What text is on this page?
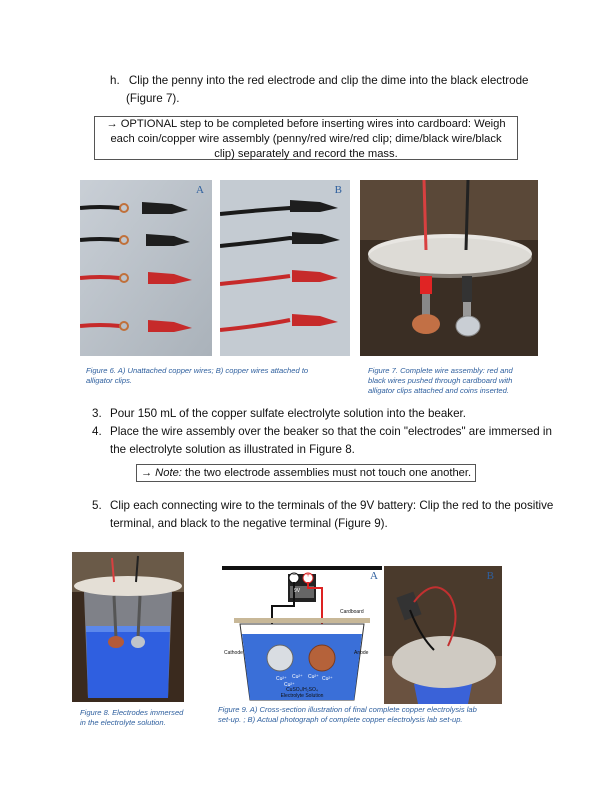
h. Clip the penny into the red electrode and clip the dime into the black electrode
(Figure 7).
→ OPTIONAL step to be completed before inserting wires into cardboard: Weigh
each coin/copper wire assembly (penny/red wire/red clip; dime/black wire/black
clip) separately and record the mass.
A	B
Figure 6. A) Unattached copper wires; B) copper wires attached to
alligator clips.
Figure 7. Complete wire assembly: red and
black wires pushed through cardboard with
alligator clips attached and coins inserted.
3. Pour 150 mL of the copper sulfate electrolyte solution into the beaker.
4. Place the wire assembly over the beaker so that the coin "electrodes" are immersed in
the electrolyte solution as illustrated in Figure 8.
→ Note: the two electrode assemblies must not touch one another.
5. Clip each connecting wire to the terminals of the 9V battery: Clip the red to the positive
terminal, and black to the negative terminal (Figure 9).
− +
9V
Cardboard
Cathode	Anode
Cu²⁺ Cu²⁺ Cu²⁺ Cu²⁺
Cu²⁺
CuSO₄/H₂SO₄
Electrolyte Solution
A	B
Figure 8. Electrodes immersed
in the electrolyte solution.
Figure 9. A) Cross-section illustration of final complete copper electrolysis lab
set-up. ; B) Actual photograph of complete copper electrolysis lab set-up.
